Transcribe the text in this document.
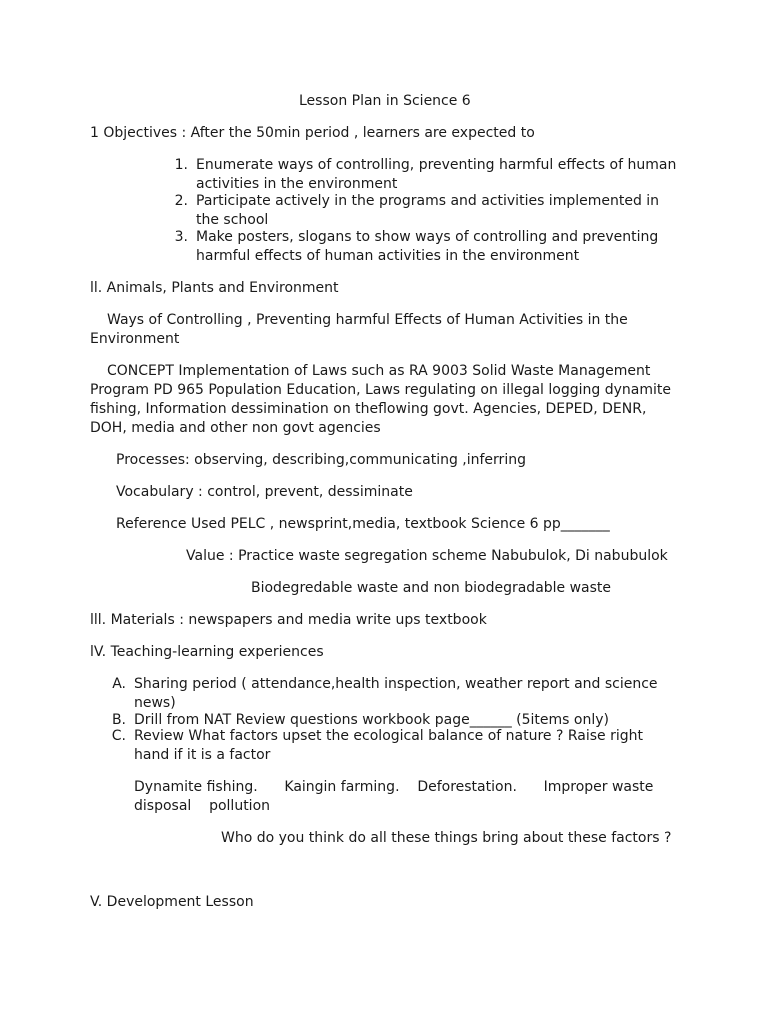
Lesson Plan in Science 6
1 Objectives : After the 50min period , learners are expected to
1. Enumerate ways of controlling, preventing harmful effects of human
activities in the environment
2. Participate actively in the programs and activities implemented in
the school
3. Make posters, slogans to show ways of controlling and preventing
harmful effects of human activities in the environment
ll. Animals, Plants and Environment
Ways of Controlling , Preventing harmful Effects of Human Activities in the
Environment
CONCEPT Implementation of Laws such as RA 9003 Solid Waste Management
Program PD 965 Population Education, Laws regulating on illegal logging dynamite
fishing, Information dessimination on theflowing govt. Agencies, DEPED, DENR,
DOH, media and other non govt agencies
Processes: observing, describing,communicating ,inferring
Vocabulary : control, prevent, dessiminate
Reference Used PELC , newsprint,media, textbook Science 6 pp_______
Value : Practice waste segregation scheme Nabubulok, Di nabubulok
Biodegredable waste and non biodegradable waste
lll. Materials : newspapers and media write ups textbook
lV. Teaching-learning experiences
A. Sharing period ( attendance,health inspection, weather report and science
news)
B. Drill from NAT Review questions workbook page______ (5items only)
C. Review What factors upset the ecological balance of nature ? Raise right
hand if it is a factor
Dynamite fishing.      Kaingin farming.    Deforestation.      Improper waste
disposal    pollution
Who do you think do all these things bring about these factors ?
V. Development Lesson
